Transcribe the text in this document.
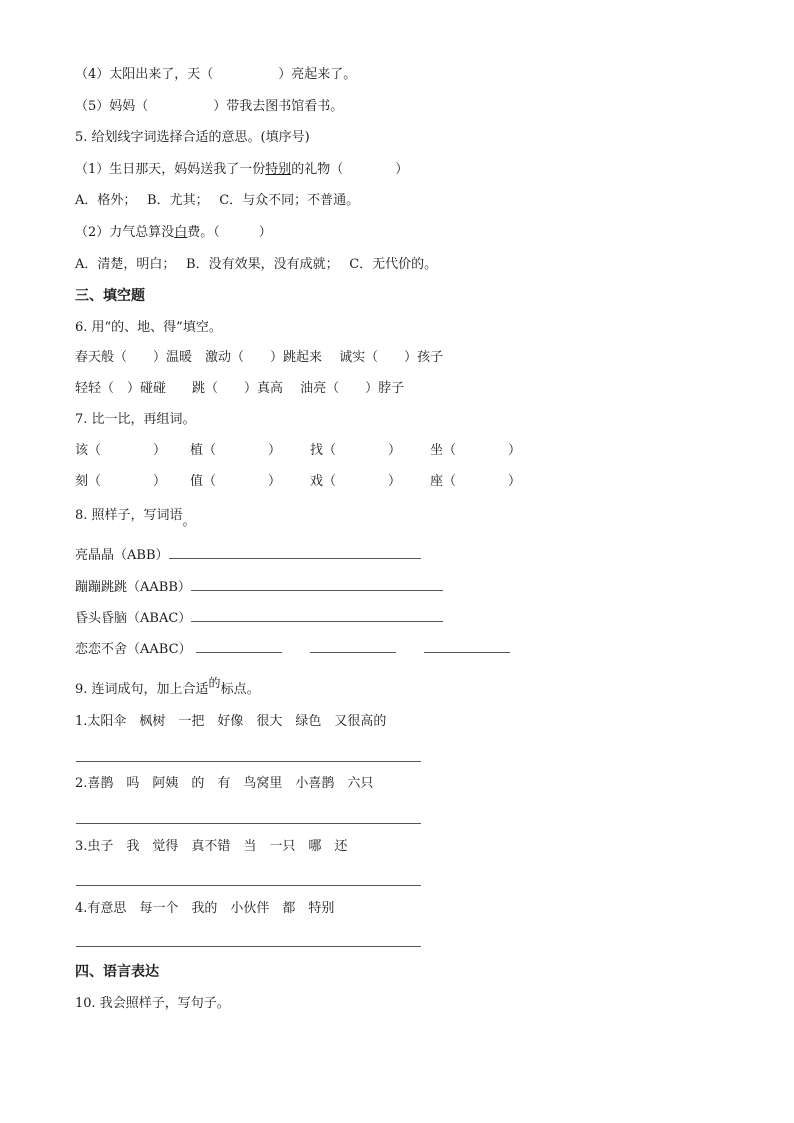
（4）太阳出来了，天（　　　　　）亮起来了。
（5）妈妈（　　　　　）带我去图书馆看书。
5. 给划线字词选择合适的意思。(填序号)
（1）生日那天，妈妈送我了一份特别的礼物（　　　　）
A．格外；　 B．尤其；　 C．与众不同；不普通。
（2）力气总算没白费。（　　　）
A．清楚，明白；　 B．没有效果，没有成就；　 C．无代价的。
三、填空题
6. 用“的、地、得”填空。
春天般（　　）温暖　激动（　　）跳起来　 诚实（　　）孩子
轻轻（　）碰碰　　跳（　　）真高　 油亮（　　）脖子
7. 比一比，再组词。
该（　　　　） 植（　　　　） 找（　　　　） 坐（　　　　）
刻（　　　　） 值（　　　　） 戏（　　　　） 座（　　　　）
8. 照样子，写词语。
亮晶晶（ABB）
蹦蹦跳跳（AABB）
昏头昏脑（ABAC）
恋恋不舍（AABC）
9. 连词成句，加上合适的标点。
1.太阳伞　枫树　一把　好像　很大　绿色　又很高的
2.喜鹊　吗　阿姨　的　有　鸟窝里　小喜鹊　六只
3.虫子　我　觉得　真不错　当　一只　哪　还
4.有意思　每一个　我的　小伙伴　都　特别
四、语言表达
10. 我会照样子，写句子。
